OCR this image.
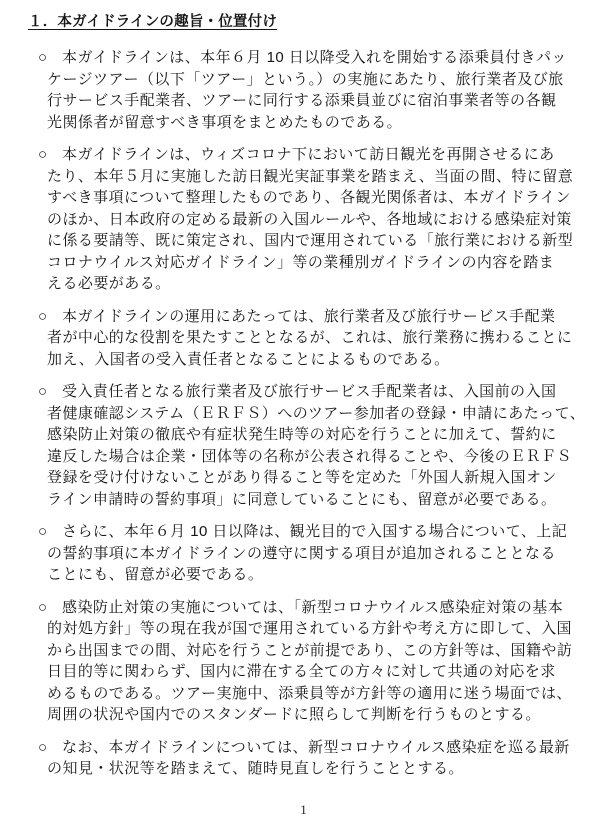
１．本ガイドラインの趣旨・位置付け
○ 本ガイドラインは、本年６月 10 日以降受入れを開始する添乗員付きパッ
ケージツアー（以下「ツアー」という。）の実施にあたり、旅行業者及び旅
行サービス手配業者、ツアーに同行する添乗員並びに宿泊事業者等の各観
光関係者が留意すべき事項をまとめたものである。
○ 本ガイドラインは、ウィズコロナ下において訪日観光を再開させるにあ
たり、本年５月に実施した訪日観光実証事業を踏まえ、当面の間、特に留意
すべき事項について整理したものであり、各観光関係者は、本ガイドライン
のほか、日本政府の定める最新の入国ルールや、各地域における感染症対策
に係る要請等、既に策定され、国内で運用されている「旅行業における新型
コロナウイルス対応ガイドライン」等の業種別ガイドラインの内容を踏ま
える必要がある。
○ 本ガイドラインの運用にあたっては、旅行業者及び旅行サービス手配業
者が中心的な役割を果たすこととなるが、これは、旅行業務に携わることに
加え、入国者の受入責任者となることによるものである。
○ 受入責任者となる旅行業者及び旅行サービス手配業者は、入国前の入国
者健康確認システム（ＥＲＦＳ）へのツアー参加者の登録・申請にあたって、
感染防止対策の徹底や有症状発生時等の対応を行うことに加えて、誓約に
違反した場合は企業・団体等の名称が公表され得ることや、今後のＥＲＦＳ
登録を受け付けないことがあり得ること等を定めた「外国人新規入国オン
ライン申請時の誓約事項」に同意していることにも、留意が必要である。
○ さらに、本年６月 10 日以降は、観光目的で入国する場合について、上記
の誓約事項に本ガイドラインの遵守に関する項目が追加されることとなる
ことにも、留意が必要である。
○ 感染防止対策の実施については、「新型コロナウイルス感染症対策の基本
的対処方針」等の現在我が国で運用されている方針や考え方に即して、入国
から出国までの間、対応を行うことが前提であり、この方針等は、国籍や訪
日目的等に関わらず、国内に滞在する全ての方々に対して共通の対応を求
めるものである。ツアー実施中、添乗員等が方針等の適用に迷う場面では、
周囲の状況や国内でのスタンダードに照らして判断を行うものとする。
○ なお、本ガイドラインについては、新型コロナウイルス感染症を巡る最新
の知見・状況等を踏まえて、随時見直しを行うこととする。
1
